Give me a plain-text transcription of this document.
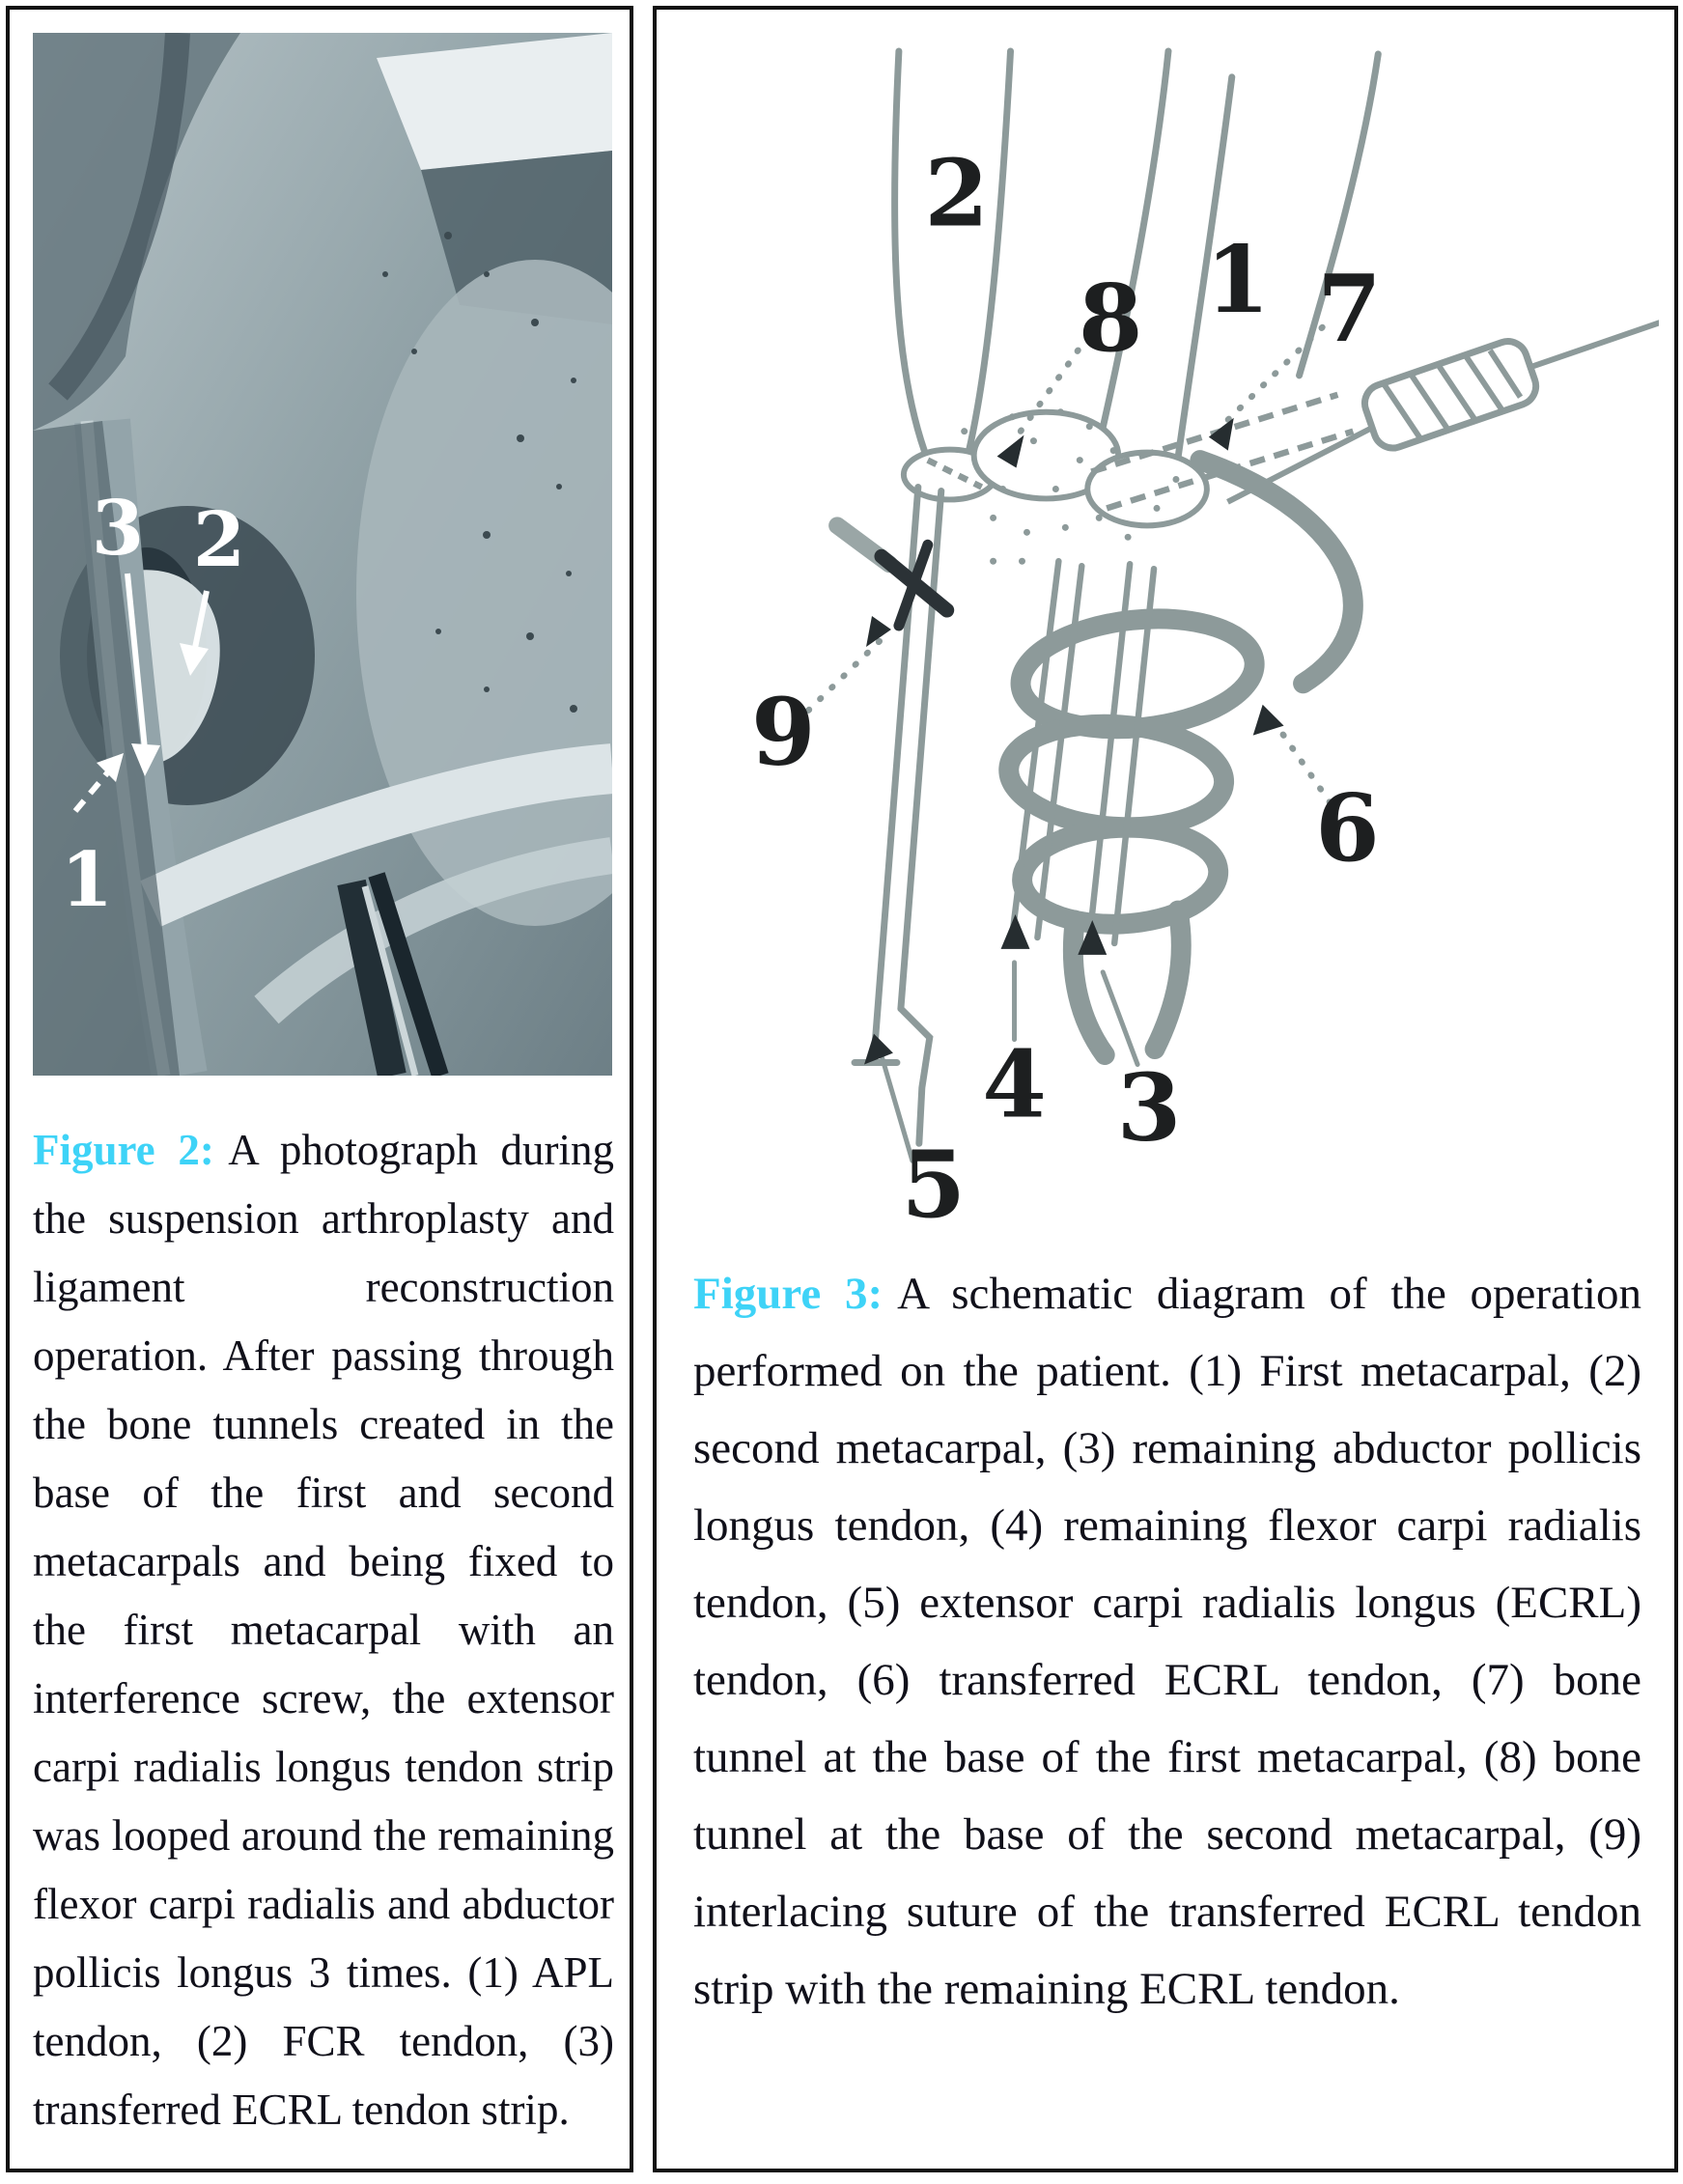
3 2
1

Figure 2: A photograph during the suspension arthroplasty and ligament reconstruction operation. After passing through the bone tunnels created in the base of the first and second metacarpals and being fixed to the first metacarpal with an interference screw, the extensor carpi radialis longus tendon strip was looped around the remaining flexor carpi radialis and abductor pollicis longus 3 times. (1) APL tendon, (2) FCR tendon, (3) transferred ECRL tendon strip.

2
8 1 7
9
6
4 3
5

Figure 3: A schematic diagram of the operation performed on the patient. (1) First metacarpal, (2) second metacarpal, (3) remaining abductor pollicis longus tendon, (4) remaining flexor carpi radialis tendon, (5) extensor carpi radialis longus (ECRL) tendon, (6) transferred ECRL tendon, (7) bone tunnel at the base of the first metacarpal, (8) bone tunnel at the base of the second metacarpal, (9) interlacing suture of the transferred ECRL tendon strip with the remaining ECRL tendon.
